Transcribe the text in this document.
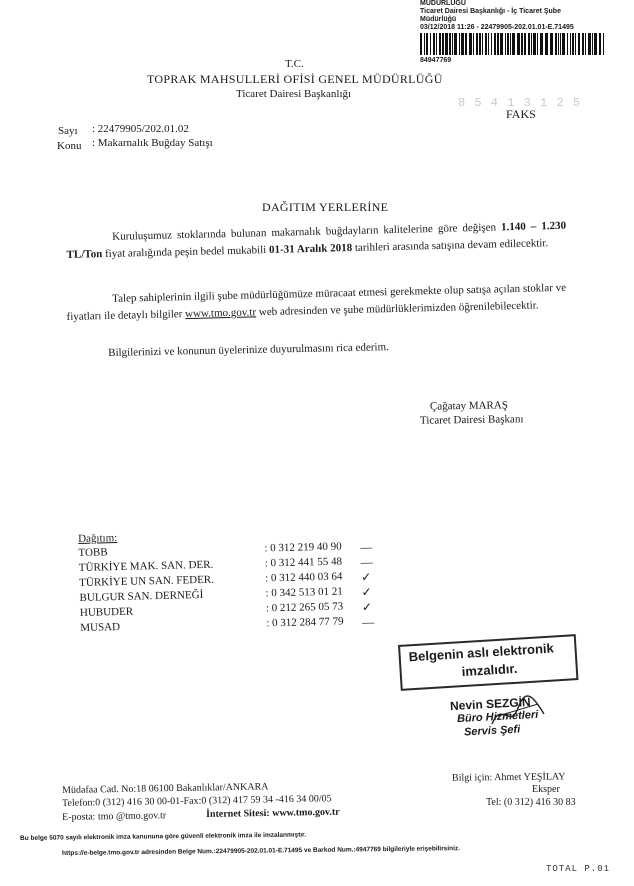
MÜDÜRLÜĞÜ
Ticaret Dairesi Başkanlığı - İç Ticaret Şube
Müdürlüğü
03/12/2018 11:26 - 22479905-202.01.01-E.71495
84947769
8 5 4 1 3 1 2 5
T.C.
TOPRAK MAHSULLERİ OFİSİ GENEL MÜDÜRLÜĞÜ
Ticaret Dairesi Başkanlığı
FAKS
Sayı : 22479905/202.01.02
Konu : Makarnalık Buğday Satışı
DAĞITIM YERLERİNE
Kuruluşumuz stoklarında bulunan makarnalık buğdayların kalitelerine göre değişen 1.140 – 1.230 TL/Ton fiyat aralığında peşin bedel mukabili 01-31 Aralık 2018 tarihleri arasında satışına devam edilecektir.
Talep sahiplerinin ilgili şube müdürlüğümüze müracaat etmesi gerekmekte olup satışa açılan stoklar ve fiyatları ile detaylı bilgiler www.tmo.gov.tr web adresinden ve şube müdürlüklerimizden öğrenilebilecektir.
Bilgilerinizi ve konunun üyelerinize duyurulmasını rica ederim.
Çağatay MARAŞ
Ticaret Dairesi Başkanı
Dağıtım:
TOBB	: 0 312 219 40 90 —
TÜRKİYE MAK. SAN. DER.	: 0 312 441 55 48 —
TÜRKİYE UN SAN. FEDER.	: 0 312 440 03 64 ✓
BULGUR SAN. DERNEĞİ	: 0 342 513 01 21 ✓
HUBUDER	: 0 212 265 05 73 ✓
MUSAD	: 0 312 284 77 79 —
Belgenin aslı elektronik
imzalıdır.
Nevin SEZGİN
Büro Hizmetleri
Servis Şefi
Bilgi için: Ahmet YEŞİLAY
Eksper
Tel: (0 312) 416 30 83
Müdafaa Cad. No:18 06100 Bakanlıklar/ANKARA
Telefon:0 (312) 416 30 00-01-Fax:0 (312) 417 59 34 -416 34 00/05
E-posta: tmo @tmo.gov.tr	İnternet Sitesi: www.tmo.gov.tr
Bu belge 5070 sayılı elektronik imza kanununa göre güvenli elektronik imza ile imzalanmıştır.
https://e-belge.tmo.gov.tr adresinden Belge Num.:22479905-202.01.01-E.71495 ve Barkod Num.:4947769 bilgileriyle erişebilirsiniz.
TOTAL P.01
